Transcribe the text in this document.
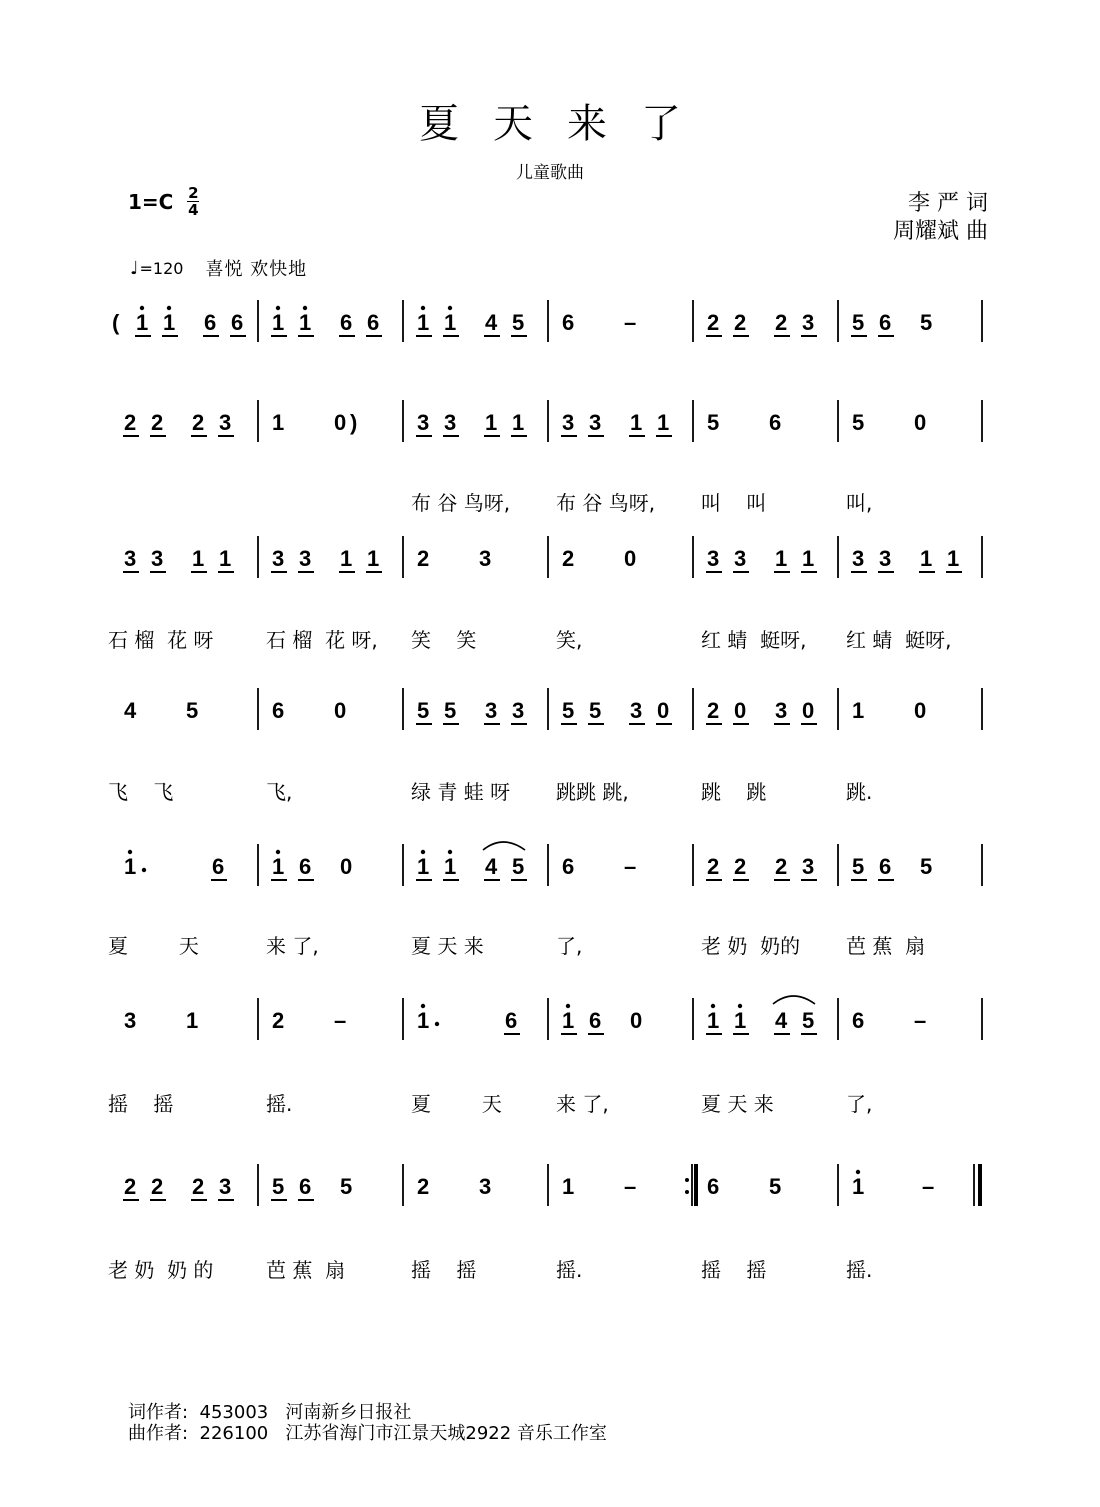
夏天来了
儿童歌曲
1=C 2
4	李 严 词
周耀斌 曲
♩ =120 喜悦 欢快地
( 1 1 6 6 1 1 6 6 1 1 4 5 6 –	2 2 2 3 5 6 5
2 2 2 3 1 0 )	3 3 1 1 3 3 1 1 5 6	5 0
布 谷 鸟呀, 布 谷 鸟呀, 叫    叫	叫,
3 3 1 1 3 3 1 1 2 3	2 0	3 3 1 1 3 3 1 1
石 榴  花 呀	石 榴  花 呀, 笑    笑	笑,	红 蜻  蜓呀, 红 蜻  蜓呀,
4 5	6 0	5 5 3 3 5 5 3 0 2 0 3 0 1 0
飞    飞	飞,	绿 青 蛙 呀 跳跳 跳,	跳    跳	跳.
1	6 1 6 0	1 1 4 5 6 –	2 2 2 3 5 6 5
夏        天	来 了,	夏 天 来	了,	老 奶  奶的 芭 蕉  扇
3 1	2 –	1	6 1 6 0	1 1 4 5 6 –
摇    摇	摇.	夏        天	来 了,	夏 天 来	了,
2 2 2 3 5 6 5	2 3	1 –	6 5	1	–
老 奶  奶 的	芭 蕉  扇	摇    摇	摇.	摇    摇	摇.
词作者:  453003   河南新乡日报社
曲作者:  226100   江苏省海门市江景天城2922 音乐工作室
